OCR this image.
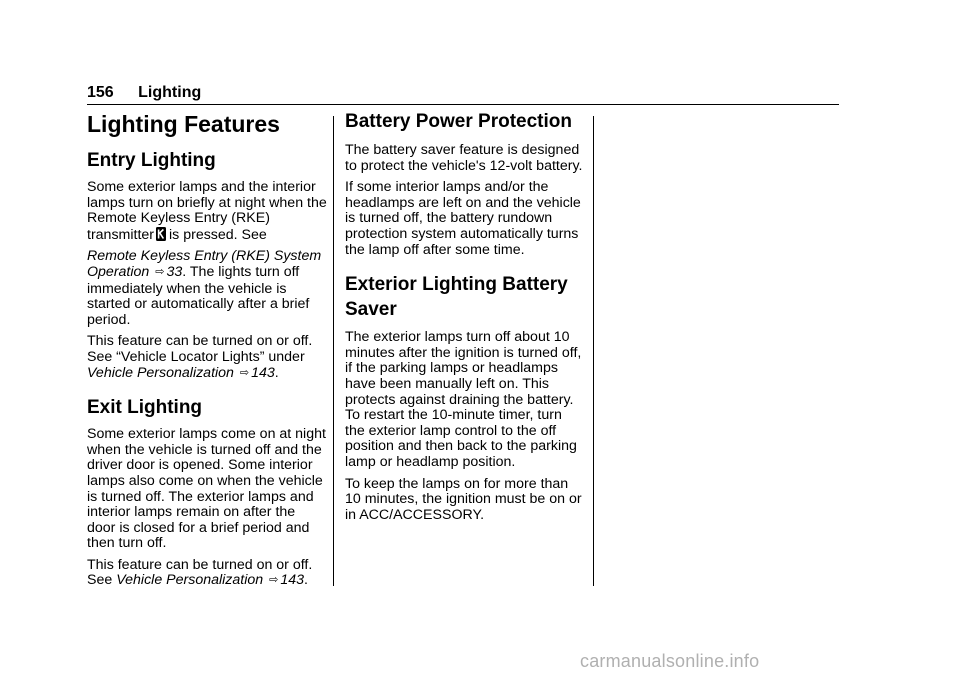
156 Lighting
Lighting Features
Entry Lighting

Some exterior lamps and the interior lamps turn on briefly at night when the Remote Keyless Entry (RKE) transmitter is pressed. See

Remote Keyless Entry (RKE) System Operation ⇨ 33. The lights turn off immediately when the vehicle is started or automatically after a brief period.

This feature can be turned on or off. See “Vehicle Locator Lights” under Vehicle Personalization ⇨ 143.

Exit Lighting

Some exterior lamps come on at night when the vehicle is turned off and the driver door is opened. Some interior lamps also come on when the vehicle is turned off. The exterior lamps and interior lamps remain on after the door is closed for a brief period and then turn off.

This feature can be turned on or off. See Vehicle Personalization ⇨ 143.

Battery Power Protection

The battery saver feature is designed to protect the vehicle's 12-volt battery.

If some interior lamps and/or the headlamps are left on and the vehicle is turned off, the battery rundown protection system automatically turns the lamp off after some time.

Exterior Lighting Battery Saver

The exterior lamps turn off about 10 minutes after the ignition is turned off, if the parking lamps or headlamps have been manually left on. This protects against draining the battery. To restart the 10-minute timer, turn the exterior lamp control to the off position and then back to the parking lamp or headlamp position.

To keep the lamps on for more than 10 minutes, the ignition must be on or in ACC/ACCESSORY.

carmanualsonline.info
